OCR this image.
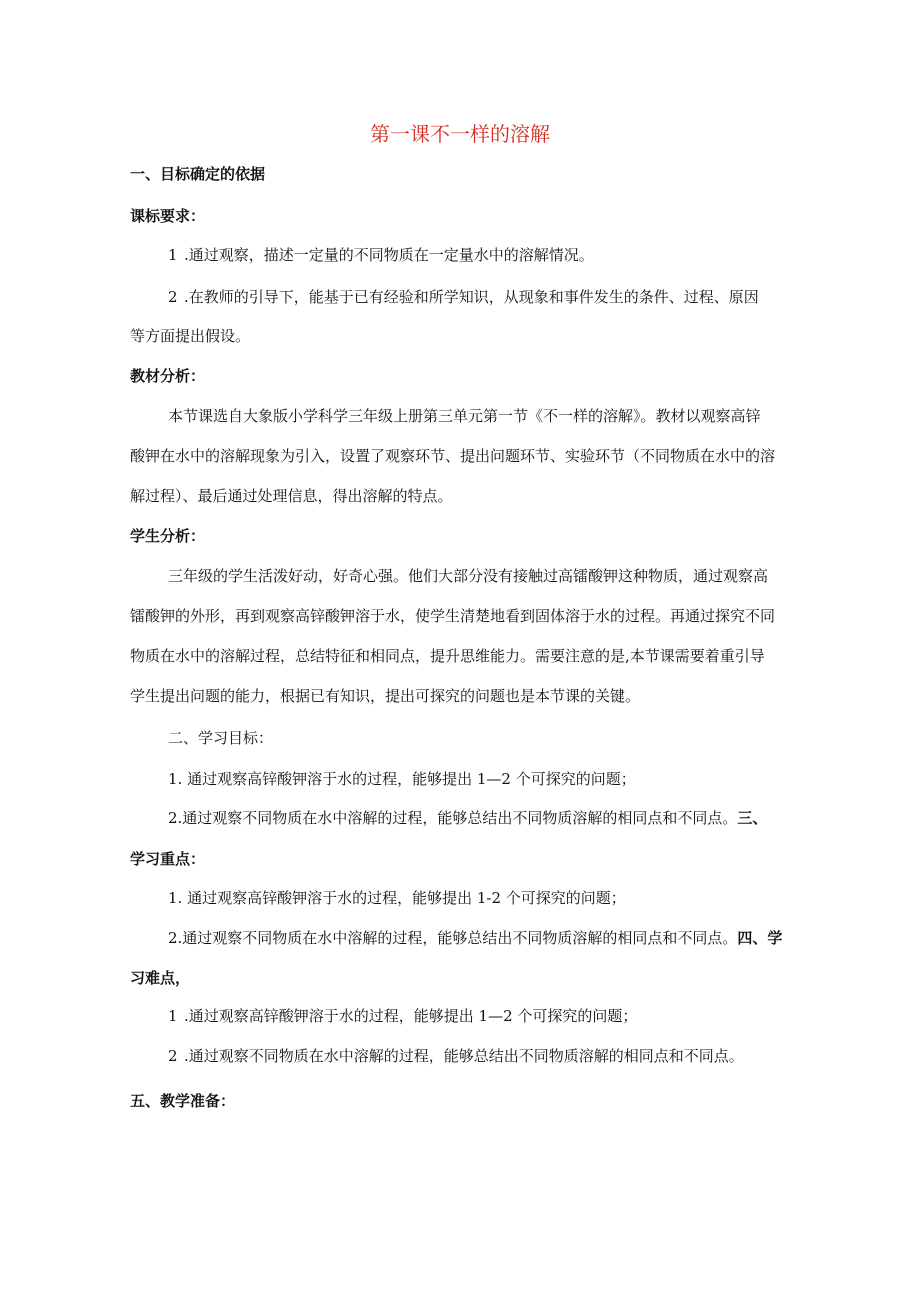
第一课不一样的溶解
一、目标确定的依据
课标要求：
1 .通过观察，描述一定量的不同物质在一定量水中的溶解情况。
2 .在教师的引导下，能基于已有经验和所学知识，从现象和事件发生的条件、过程、原因
等方面提出假设。
教材分析：
本节课选自大象版小学科学三年级上册第三单元第一节《不一样的溶解》。教材以观察高锌
酸钾在水中的溶解现象为引入，设置了观察环节、提出问题环节、实验环节（不同物质在水中的溶
解过程）、最后通过处理信息，得出溶解的特点。
学生分析：
三年级的学生活泼好动，好奇心强。他们大部分没有接触过高镭酸钾这种物质，通过观察高
镭酸钾的外形，再到观察高锌酸钾溶于水，使学生清楚地看到固体溶于水的过程。再通过探究不同
物质在水中的溶解过程，总结特征和相同点，提升思维能力。需要注意的是,本节课需要着重引导
学生提出问题的能力，根据已有知识，提出可探究的问题也是本节课的关键。
二、学习目标：
1. 通过观察高锌酸钾溶于水的过程，能够提出 1—2 个可探究的问题；
2.通过观察不同物质在水中溶解的过程，能够总结出不同物质溶解的相同点和不同点。三、
学习重点：
1. 通过观察高锌酸钾溶于水的过程，能够提出 1-2 个可探究的问题；
2.通过观察不同物质在水中溶解的过程，能够总结出不同物质溶解的相同点和不同点。四、学
习难点，
1 .通过观察高锌酸钾溶于水的过程，能够提出 1—2 个可探究的问题；
2 .通过观察不同物质在水中溶解的过程，能够总结出不同物质溶解的相同点和不同点。
五、教学准备：
